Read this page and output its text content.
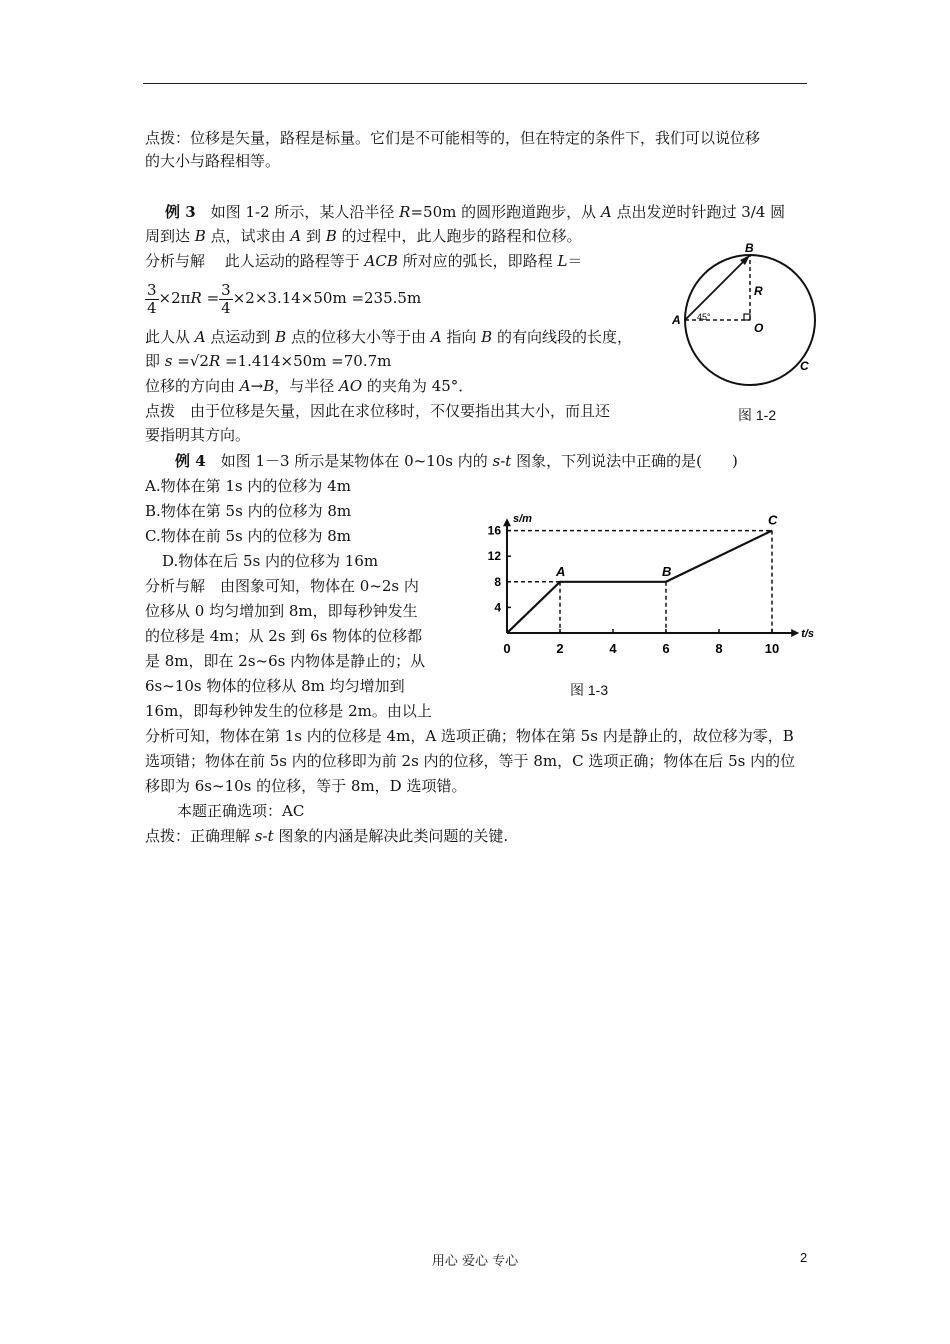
点拨：位移是矢量，路程是标量。它们是不可能相等的，但在特定的条件下，我们可以说位移
的大小与路程相等。
例 3　 如图 1-2 所示，某人沿半径 R=50m 的圆形跑道跑步，从 A 点出发逆时针跑过 3/4 圆
周到达 B 点，试求由 A 到 B 的过程中，此人跑步的路程和位移。
分析与解　 此人运动的路程等于 ACB 所对应的弧长，即路程 L＝
$\frac{3}{4} \times 2\pi R = \frac{3}{4} \times 2\times 3.14\times 50m =235.5m$
此人从 A 点运动到 B 点的位移大小等于由 A 指向 B 的有向线段的长度，
即 s =√2R =1.414×50m =70.7m
位移的方向由 A→B，与半径 AO 的夹角为 45°．
点拨　由于位移是矢量，因此在求位移时，不仅要指出其大小，而且还
要指明其方向。
A
B
C
O
R
45°
图 1-2
例 4　 如图 1－3 所示是某物体在 0~10s 内的 s-t 图象，下列说法中正确的是(　　)
A.物体在第 1s 内的位移为 4m
B.物体在第 5s 内的位移为 8m
C.物体在前 5s 内的位移为 8m
D.物体在后 5s 内的位移为 16m
分析与解　由图象可知，物体在 0~2s 内
位移从 0 均匀增加到 8m，即每秒钟发生
的位移是 4m；从 2s 到 6s 物体的位移都
是 8m，即在 2s~6s 内物体是静止的；从
6s~10s 物体的位移从 8m 均匀增加到
16m，即每秒钟发生的位移是 2m。由以上
分析可知，物体在第 1s 内的位移是 4m，A 选项正确；物体在第 5s 内是静止的，故位移为零，B
选项错；物体在前 5s 内的位移即为前 2s 内的位移，等于 8m，C 选项正确；物体在后 5s 内的位
移即为 6s~10s 的位移，等于 8m，D 选项错。
本题正确选项：AC
点拨：正确理解 s-t 图象的内涵是解决此类问题的关键.
s/m
t/s
0	2	4	6	8	10
4
8
12
16
A	B
C
图 1-3
用心 爱心 专心	2
